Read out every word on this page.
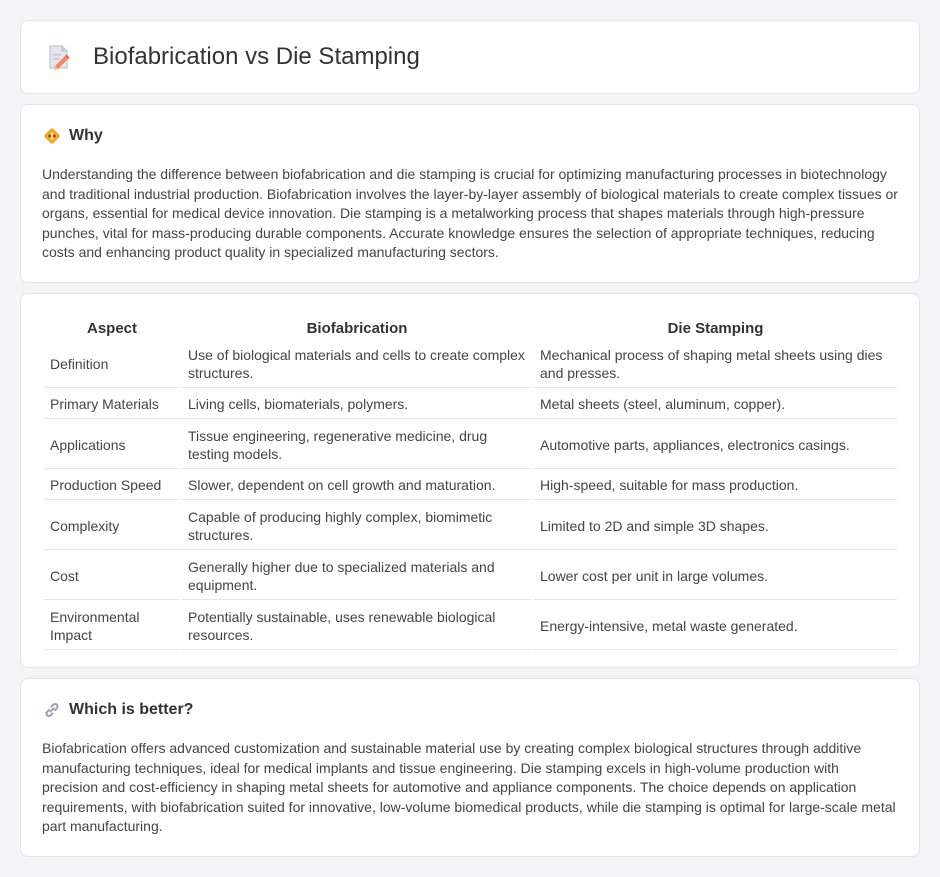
Biofabrication vs Die Stamping
Why

Understanding the difference between biofabrication and die stamping is crucial for optimizing manufacturing processes in biotechnology and traditional industrial production. Biofabrication involves the layer-by-layer assembly of biological materials to create complex tissues or organs, essential for medical device innovation. Die stamping is a metalworking process that shapes materials through high-pressure punches, vital for mass-producing durable components. Accurate knowledge ensures the selection of appropriate techniques, reducing costs and enhancing product quality in specialized manufacturing sectors.

Aspect	Biofabrication	Die Stamping
Definition	Use of biological materials and cells to create complex structures.	Mechanical process of shaping metal sheets using dies and presses.
Primary Materials	Living cells, biomaterials, polymers.	Metal sheets (steel, aluminum, copper).
Applications	Tissue engineering, regenerative medicine, drug testing models.	Automotive parts, appliances, electronics casings.
Production Speed	Slower, dependent on cell growth and maturation.	High-speed, suitable for mass production.
Complexity	Capable of producing highly complex, biomimetic structures.	Limited to 2D and simple 3D shapes.
Cost	Generally higher due to specialized materials and equipment.	Lower cost per unit in large volumes.
Environmental Impact	Potentially sustainable, uses renewable biological resources.	Energy-intensive, metal waste generated.
Which is better?

Biofabrication offers advanced customization and sustainable material use by creating complex biological structures through additive manufacturing techniques, ideal for medical implants and tissue engineering. Die stamping excels in high-volume production with precision and cost-efficiency in shaping metal sheets for automotive and appliance components. The choice depends on application requirements, with biofabrication suited for innovative, low-volume biomedical products, while die stamping is optimal for large-scale metal part manufacturing.
